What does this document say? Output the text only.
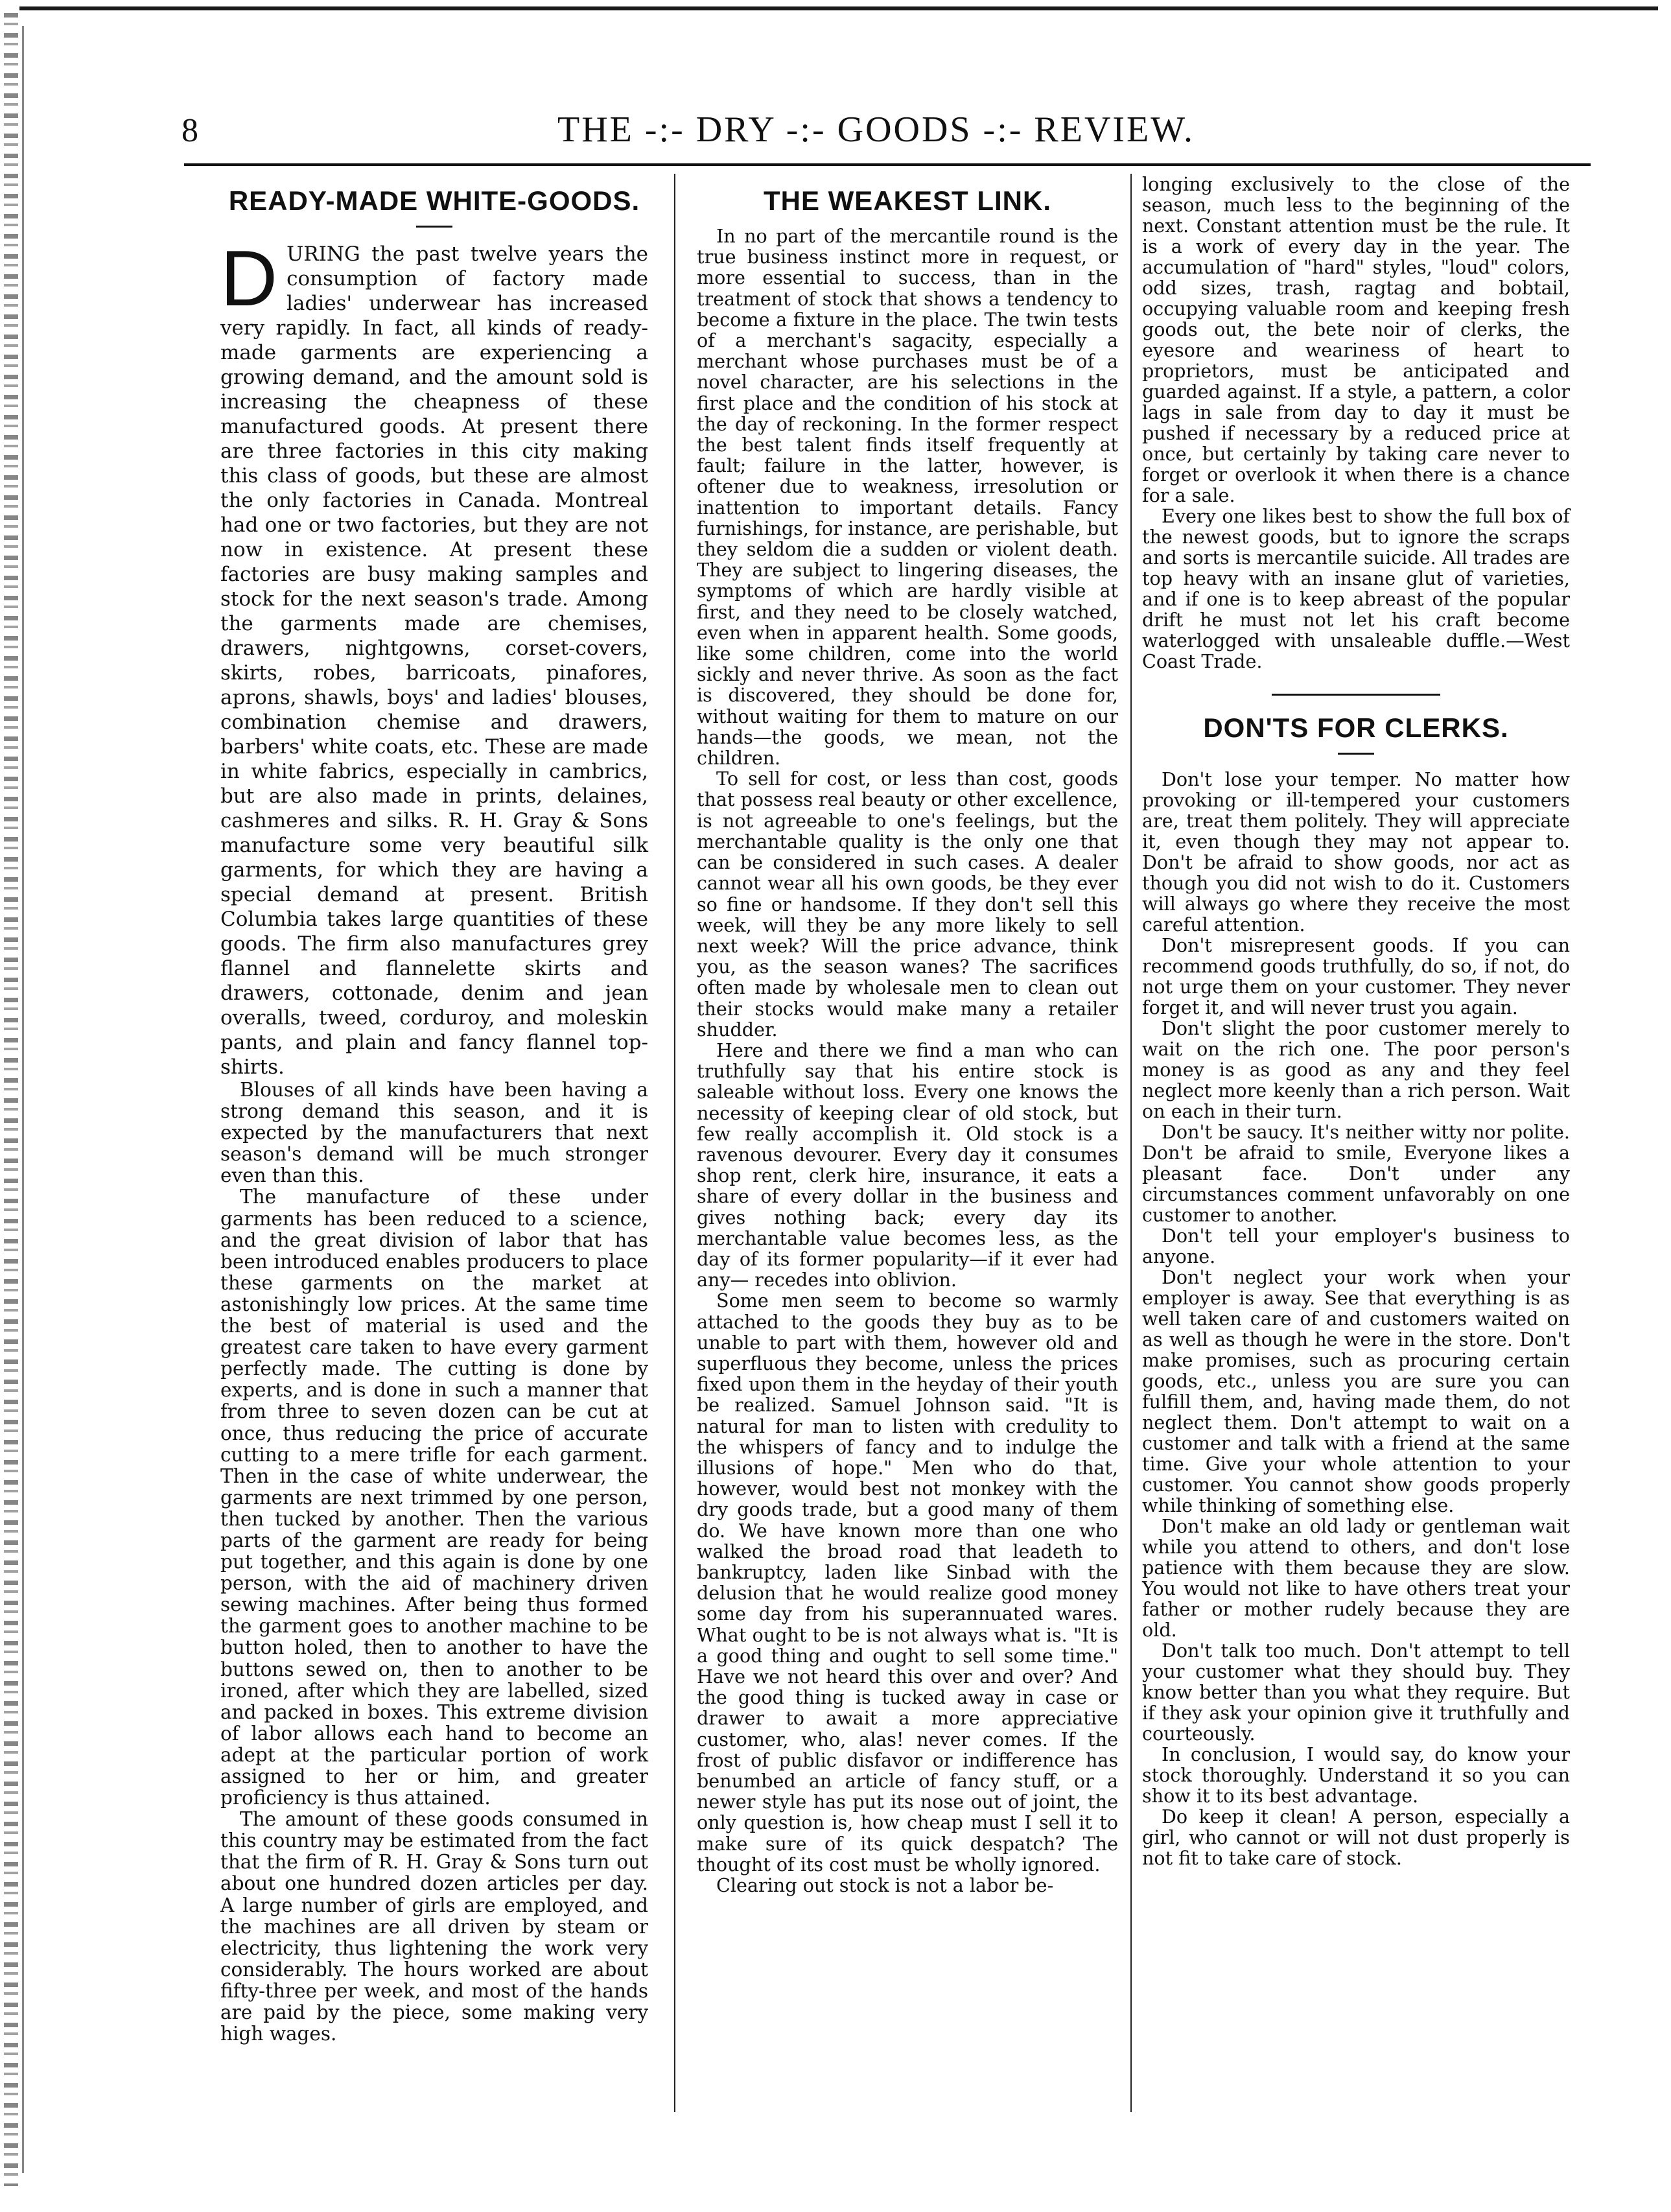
8	THE -:- DRY -:- GOODS -:- REVIEW.
READY-MADE WHITE-GOODS.

DURING the past twelve years the consumption of factory made ladies' underwear has increased very rapidly. In fact, all kinds of ready-made garments are experiencing a growing demand, and the amount sold is increasing the cheapness of these manufactured goods. At present there are three factories in this city making this class of goods, but these are almost the only factories in Canada. Montreal had one or two factories, but they are not now in existence. At present these factories are busy making samples and stock for the next season's trade. Among the garments made are chemises, drawers, nightgowns, corset-covers, skirts, robes, barricoats, pinafores, aprons, shawls, boys' and ladies' blouses, combination chemise and drawers, barbers' white coats, etc. These are made in white fabrics, especially in cambrics, but are also made in prints, delaines, cashmeres and silks. R. H. Gray & Sons manufacture some very beautiful silk garments, for which they are having a special demand at present. British Columbia takes large quantities of these goods. The firm also manufactures grey flannel and flannelette skirts and drawers, cottonade, denim and jean overalls, tweed, corduroy, and moleskin pants, and plain and fancy flannel top-shirts.

Blouses of all kinds have been having a strong demand this season, and it is expected by the manufacturers that next season's demand will be much stronger even than this.

The manufacture of these under garments has been reduced to a science, and the great division of labor that has been introduced enables producers to place these garments on the market at astonishingly low prices. At the same time the best of material is used and the greatest care taken to have every garment perfectly made. The cutting is done by experts, and is done in such a manner that from three to seven dozen can be cut at once, thus reducing the price of accurate cutting to a mere trifle for each garment. Then in the case of white underwear, the garments are next trimmed by one person, then tucked by another. Then the various parts of the garment are ready for being put together, and this again is done by one person, with the aid of machinery driven sewing machines. After being thus formed the garment goes to another machine to be button holed, then to another to have the buttons sewed on, then to another to be ironed, after which they are labelled, sized and packed in boxes. This extreme division of labor allows each hand to become an adept at the particular portion of work assigned to her or him, and greater proficiency is thus attained.

The amount of these goods consumed in this country may be estimated from the fact that the firm of R. H. Gray & Sons turn out about one hundred dozen articles per day. A large number of girls are employed, and the machines are all driven by steam or electricity, thus lightening the work very considerably. The hours worked are about fifty-three per week, and most of the hands are paid by the piece, some making very high wages.

THE WEAKEST LINK.

In no part of the mercantile round is the true business instinct more in request, or more essential to success, than in the treatment of stock that shows a tendency to become a fixture in the place. The twin tests of a merchant's sagacity, especially a merchant whose purchases must be of a novel character, are his selections in the first place and the condition of his stock at the day of reckoning. In the former respect the best talent finds itself frequently at fault; failure in the latter, however, is oftener due to weakness, irresolution or inattention to important details. Fancy furnishings, for instance, are perishable, but they seldom die a sudden or violent death. They are subject to lingering diseases, the symptoms of which are hardly visible at first, and they need to be closely watched, even when in apparent health. Some goods, like some children, come into the world sickly and never thrive. As soon as the fact is discovered, they should be done for, without waiting for them to mature on our hands—the goods, we mean, not the children.

To sell for cost, or less than cost, goods that possess real beauty or other excellence, is not agreeable to one's feelings, but the merchantable quality is the only one that can be considered in such cases. A dealer cannot wear all his own goods, be they ever so fine or handsome. If they don't sell this week, will they be any more likely to sell next week? Will the price advance, think you, as the season wanes? The sacrifices often made by wholesale men to clean out their stocks would make many a retailer shudder.

Here and there we find a man who can truthfully say that his entire stock is saleable without loss. Every one knows the necessity of keeping clear of old stock, but few really accomplish it. Old stock is a ravenous devourer. Every day it consumes shop rent, clerk hire, insurance, it eats a share of every dollar in the business and gives nothing back; every day its merchantable value becomes less, as the day of its former popularity—if it ever had any— recedes into oblivion.

Some men seem to become so warmly attached to the goods they buy as to be unable to part with them, however old and superfluous they become, unless the prices fixed upon them in the heyday of their youth be realized. Samuel Johnson said. "It is natural for man to listen with credulity to the whispers of fancy and to indulge the illusions of hope." Men who do that, however, would best not monkey with the dry goods trade, but a good many of them do. We have known more than one who walked the broad road that leadeth to bankruptcy, laden like Sinbad with the delusion that he would realize good money some day from his superannuated wares. What ought to be is not always what is. "It is a good thing and ought to sell some time." Have we not heard this over and over? And the good thing is tucked away in case or drawer to await a more appreciative customer, who, alas! never comes. If the frost of public disfavor or indifference has benumbed an article of fancy stuff, or a newer style has put its nose out of joint, the only question is, how cheap must I sell it to make sure of its quick despatch? The thought of its cost must be wholly ignored.

Clearing out stock is not a labor be-

longing exclusively to the close of the season, much less to the beginning of the next. Constant attention must be the rule. It is a work of every day in the year. The accumulation of "hard" styles, "loud" colors, odd sizes, trash, ragtag and bobtail, occupying valuable room and keeping fresh goods out, the bete noir of clerks, the eyesore and weariness of heart to proprietors, must be anticipated and guarded against. If a style, a pattern, a color lags in sale from day to day it must be pushed if necessary by a reduced price at once, but certainly by taking care never to forget or overlook it when there is a chance for a sale.

Every one likes best to show the full box of the newest goods, but to ignore the scraps and sorts is mercantile suicide. All trades are top heavy with an insane glut of varieties, and if one is to keep abreast of the popular drift he must not let his craft become waterlogged with unsaleable duffle.—West Coast Trade.

DON'TS FOR CLERKS.

Don't lose your temper. No matter how provoking or ill-tempered your customers are, treat them politely. They will appreciate it, even though they may not appear to. Don't be afraid to show goods, nor act as though you did not wish to do it. Customers will always go where they receive the most careful attention.

Don't misrepresent goods. If you can recommend goods truthfully, do so, if not, do not urge them on your customer. They never forget it, and will never trust you again.

Don't slight the poor customer merely to wait on the rich one. The poor person's money is as good as any and they feel neglect more keenly than a rich person. Wait on each in their turn.

Don't be saucy. It's neither witty nor polite. Don't be afraid to smile, Everyone likes a pleasant face. Don't under any circumstances comment unfavorably on one customer to another.

Don't tell your employer's business to anyone.

Don't neglect your work when your employer is away. See that everything is as well taken care of and customers waited on as well as though he were in the store. Don't make promises, such as procuring certain goods, etc., unless you are sure you can fulfill them, and, having made them, do not neglect them. Don't attempt to wait on a customer and talk with a friend at the same time. Give your whole attention to your customer. You cannot show goods properly while thinking of something else.

Don't make an old lady or gentleman wait while you attend to others, and don't lose patience with them because they are slow. You would not like to have others treat your father or mother rudely because they are old.

Don't talk too much. Don't attempt to tell your customer what they should buy. They know better than you what they require. But if they ask your opinion give it truthfully and courteously.

In conclusion, I would say, do know your stock thoroughly. Understand it so you can show it to its best advantage.

Do keep it clean! A person, especially a girl, who cannot or will not dust properly is not fit to take care of stock.
